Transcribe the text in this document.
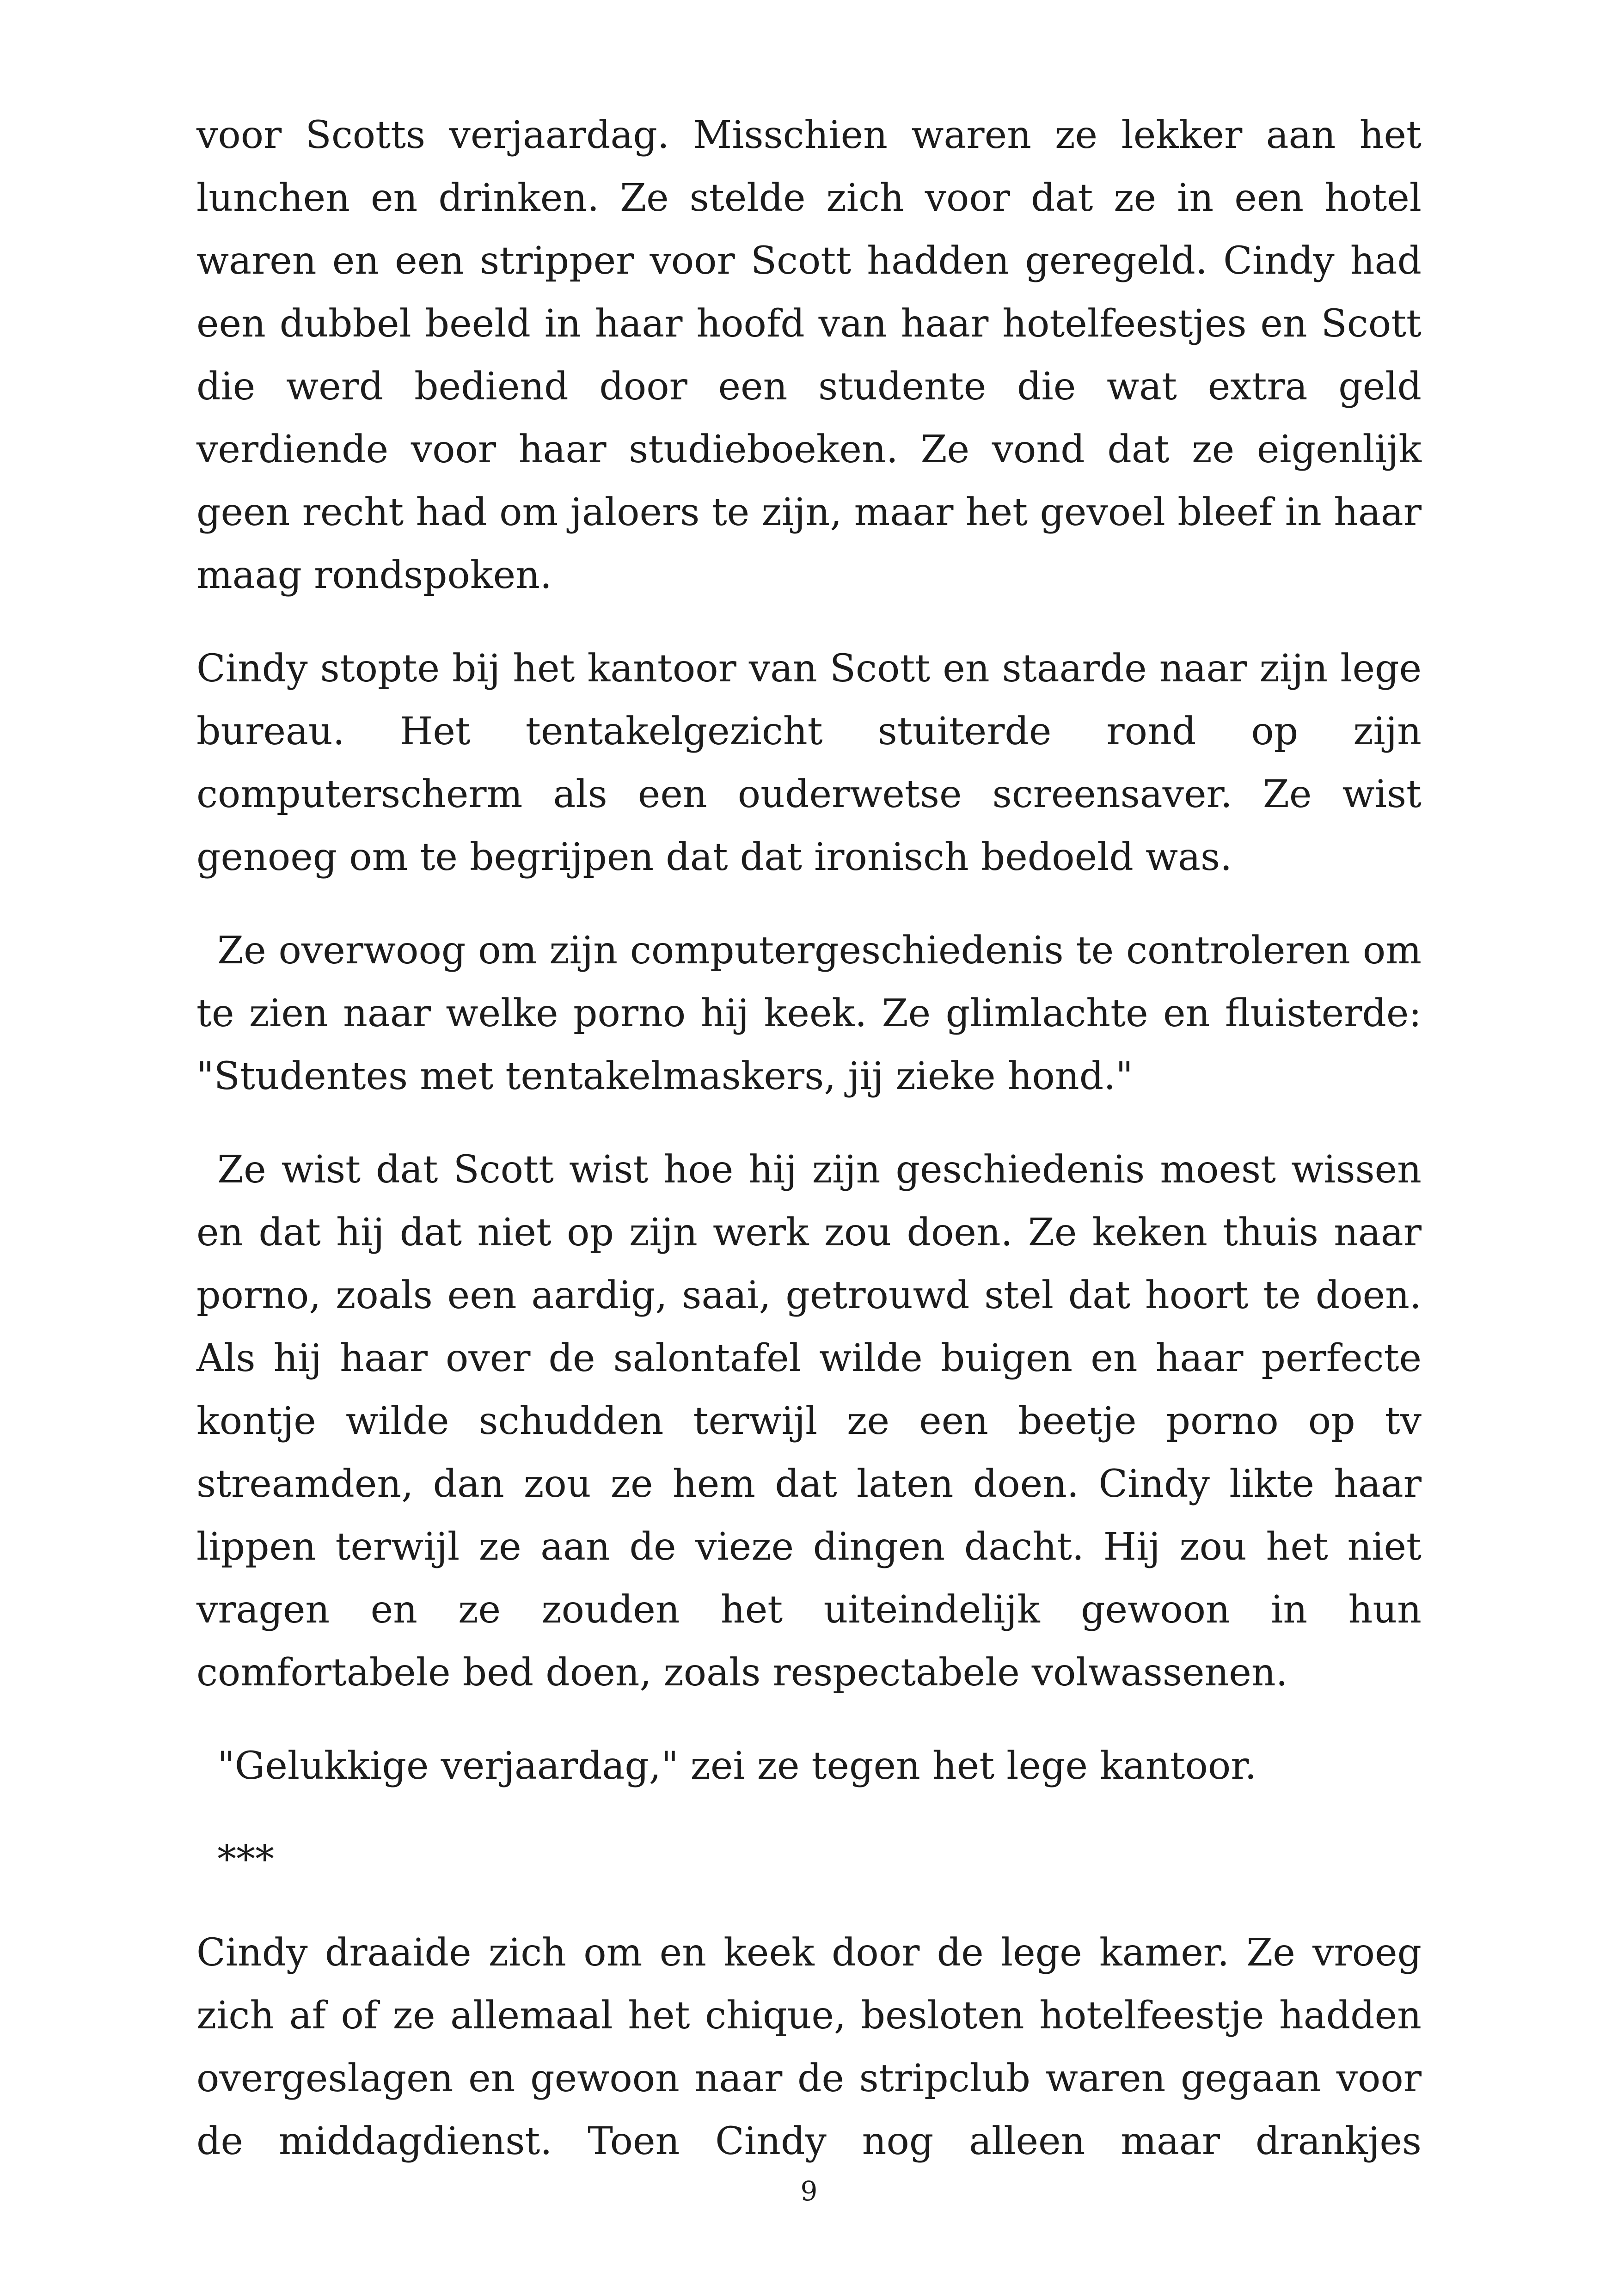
voor Scotts verjaardag. Misschien waren ze lekker aan het lunchen en drinken. Ze stelde zich voor dat ze in een hotel waren en een stripper voor Scott hadden geregeld. Cindy had een dubbel beeld in haar hoofd van haar hotelfeestjes en Scott die werd bediend door een studente die wat extra geld verdiende voor haar studieboeken. Ze vond dat ze eigenlijk geen recht had om jaloers te zijn, maar het gevoel bleef in haar maag rondspoken.

Cindy stopte bij het kantoor van Scott en staarde naar zijn lege bureau. Het tentakelgezicht stuiterde rond op zijn computerscherm als een ouderwetse screensaver. Ze wist genoeg om te begrijpen dat dat ironisch bedoeld was.

Ze overwoog om zijn computergeschiedenis te controleren om te zien naar welke porno hij keek. Ze glimlachte en fluisterde: "Studentes met tentakelmaskers, jij zieke hond."

Ze wist dat Scott wist hoe hij zijn geschiedenis moest wissen en dat hij dat niet op zijn werk zou doen. Ze keken thuis naar porno, zoals een aardig, saai, getrouwd stel dat hoort te doen. Als hij haar over de salontafel wilde buigen en haar perfecte kontje wilde schudden terwijl ze een beetje porno op tv streamden, dan zou ze hem dat laten doen. Cindy likte haar lippen terwijl ze aan de vieze dingen dacht. Hij zou het niet vragen en ze zouden het uiteindelijk gewoon in hun comfortabele bed doen, zoals respectabele volwassenen.

"Gelukkige verjaardag," zei ze tegen het lege kantoor.

***

Cindy draaide zich om en keek door de lege kamer. Ze vroeg zich af of ze allemaal het chique, besloten hotelfeestje hadden overgeslagen en gewoon naar de stripclub waren gegaan voor de middagdienst. Toen Cindy nog alleen maar drankjes

9
